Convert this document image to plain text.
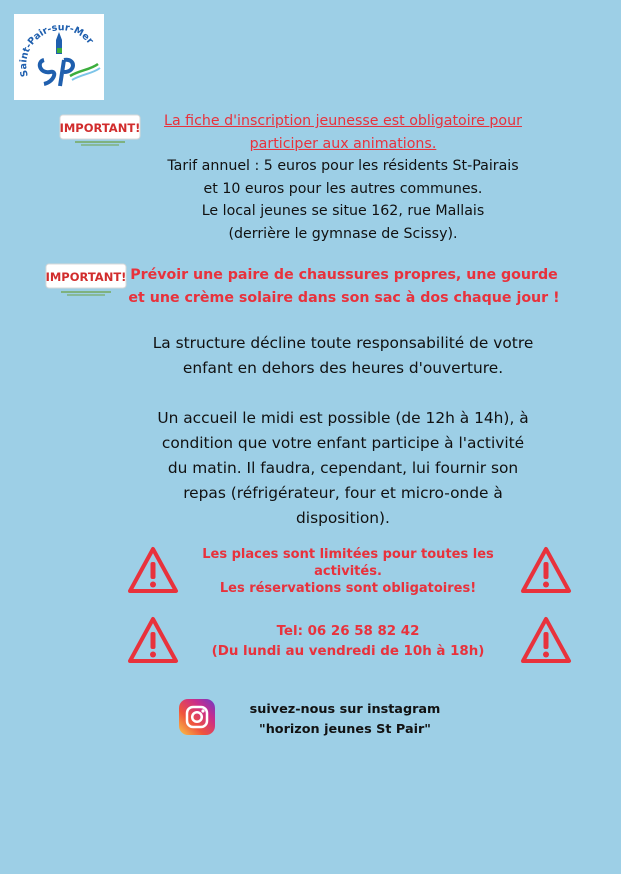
Saint-Pair-sur-Mer
IMPORTANT!	La fiche d'inscription jeunesse est obligatoire pour
participer aux animations.
Tarif annuel : 5 euros pour les résidents St-Pairais
et 10 euros pour les autres communes.
Le local jeunes se situe 162, rue Mallais
(derrière le gymnase de Scissy).
IMPORTANT! Prévoir une paire de chaussures propres, une gourde
et une crème solaire dans son sac à dos chaque jour !
La structure décline toute responsabilité de votre
enfant en dehors des heures d'ouverture.
Un accueil le midi est possible (de 12h à 14h), à
condition que votre enfant participe à l'activité
du matin. Il faudra, cependant, lui fournir son
repas (réfrigérateur, four et micro-onde à
disposition).
Les places sont limitées pour toutes les
activités.
Les réservations sont obligatoires!
Tel: 06 26 58 82 42
(Du lundi au vendredi de 10h à 18h)
suivez-nous sur instagram
"horizon jeunes St Pair"
